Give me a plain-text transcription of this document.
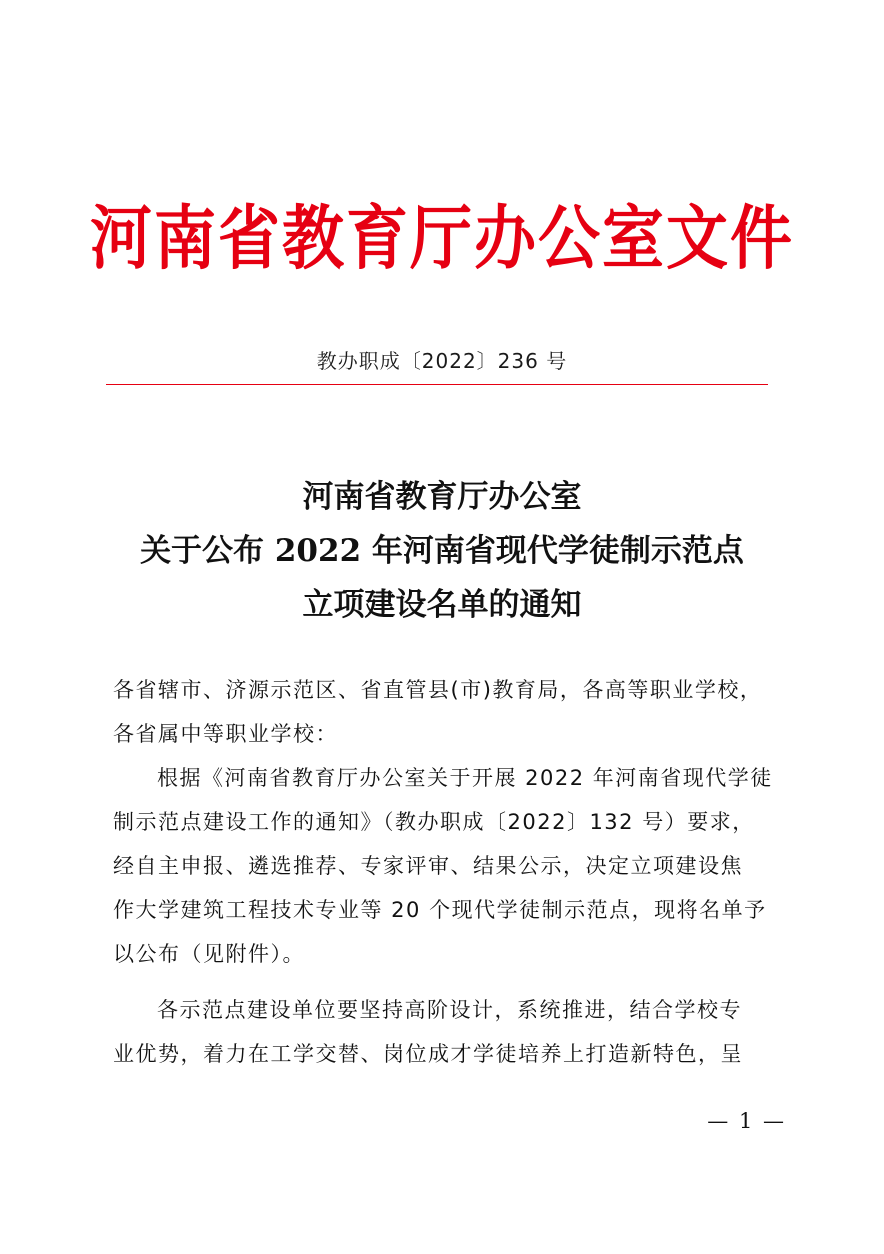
河南省教育厅办公室文件
教办职成〔2022〕236 号
河南省教育厅办公室
关于公布 2022 年河南省现代学徒制示范点
立项建设名单的通知
各省辖市、济源示范区、省直管县(市)教育局，各高等职业学校，
各省属中等职业学校：
根据《河南省教育厅办公室关于开展 2022 年河南省现代学徒
制示范点建设工作的通知》（教办职成〔2022〕132 号）要求，
经自主申报、遴选推荐、专家评审、结果公示，决定立项建设焦
作大学建筑工程技术专业等 20 个现代学徒制示范点，现将名单予
以公布（见附件）。
各示范点建设单位要坚持高阶设计，系统推进，结合学校专
业优势，着力在工学交替、岗位成才学徒培养上打造新特色，呈
— 1 —
